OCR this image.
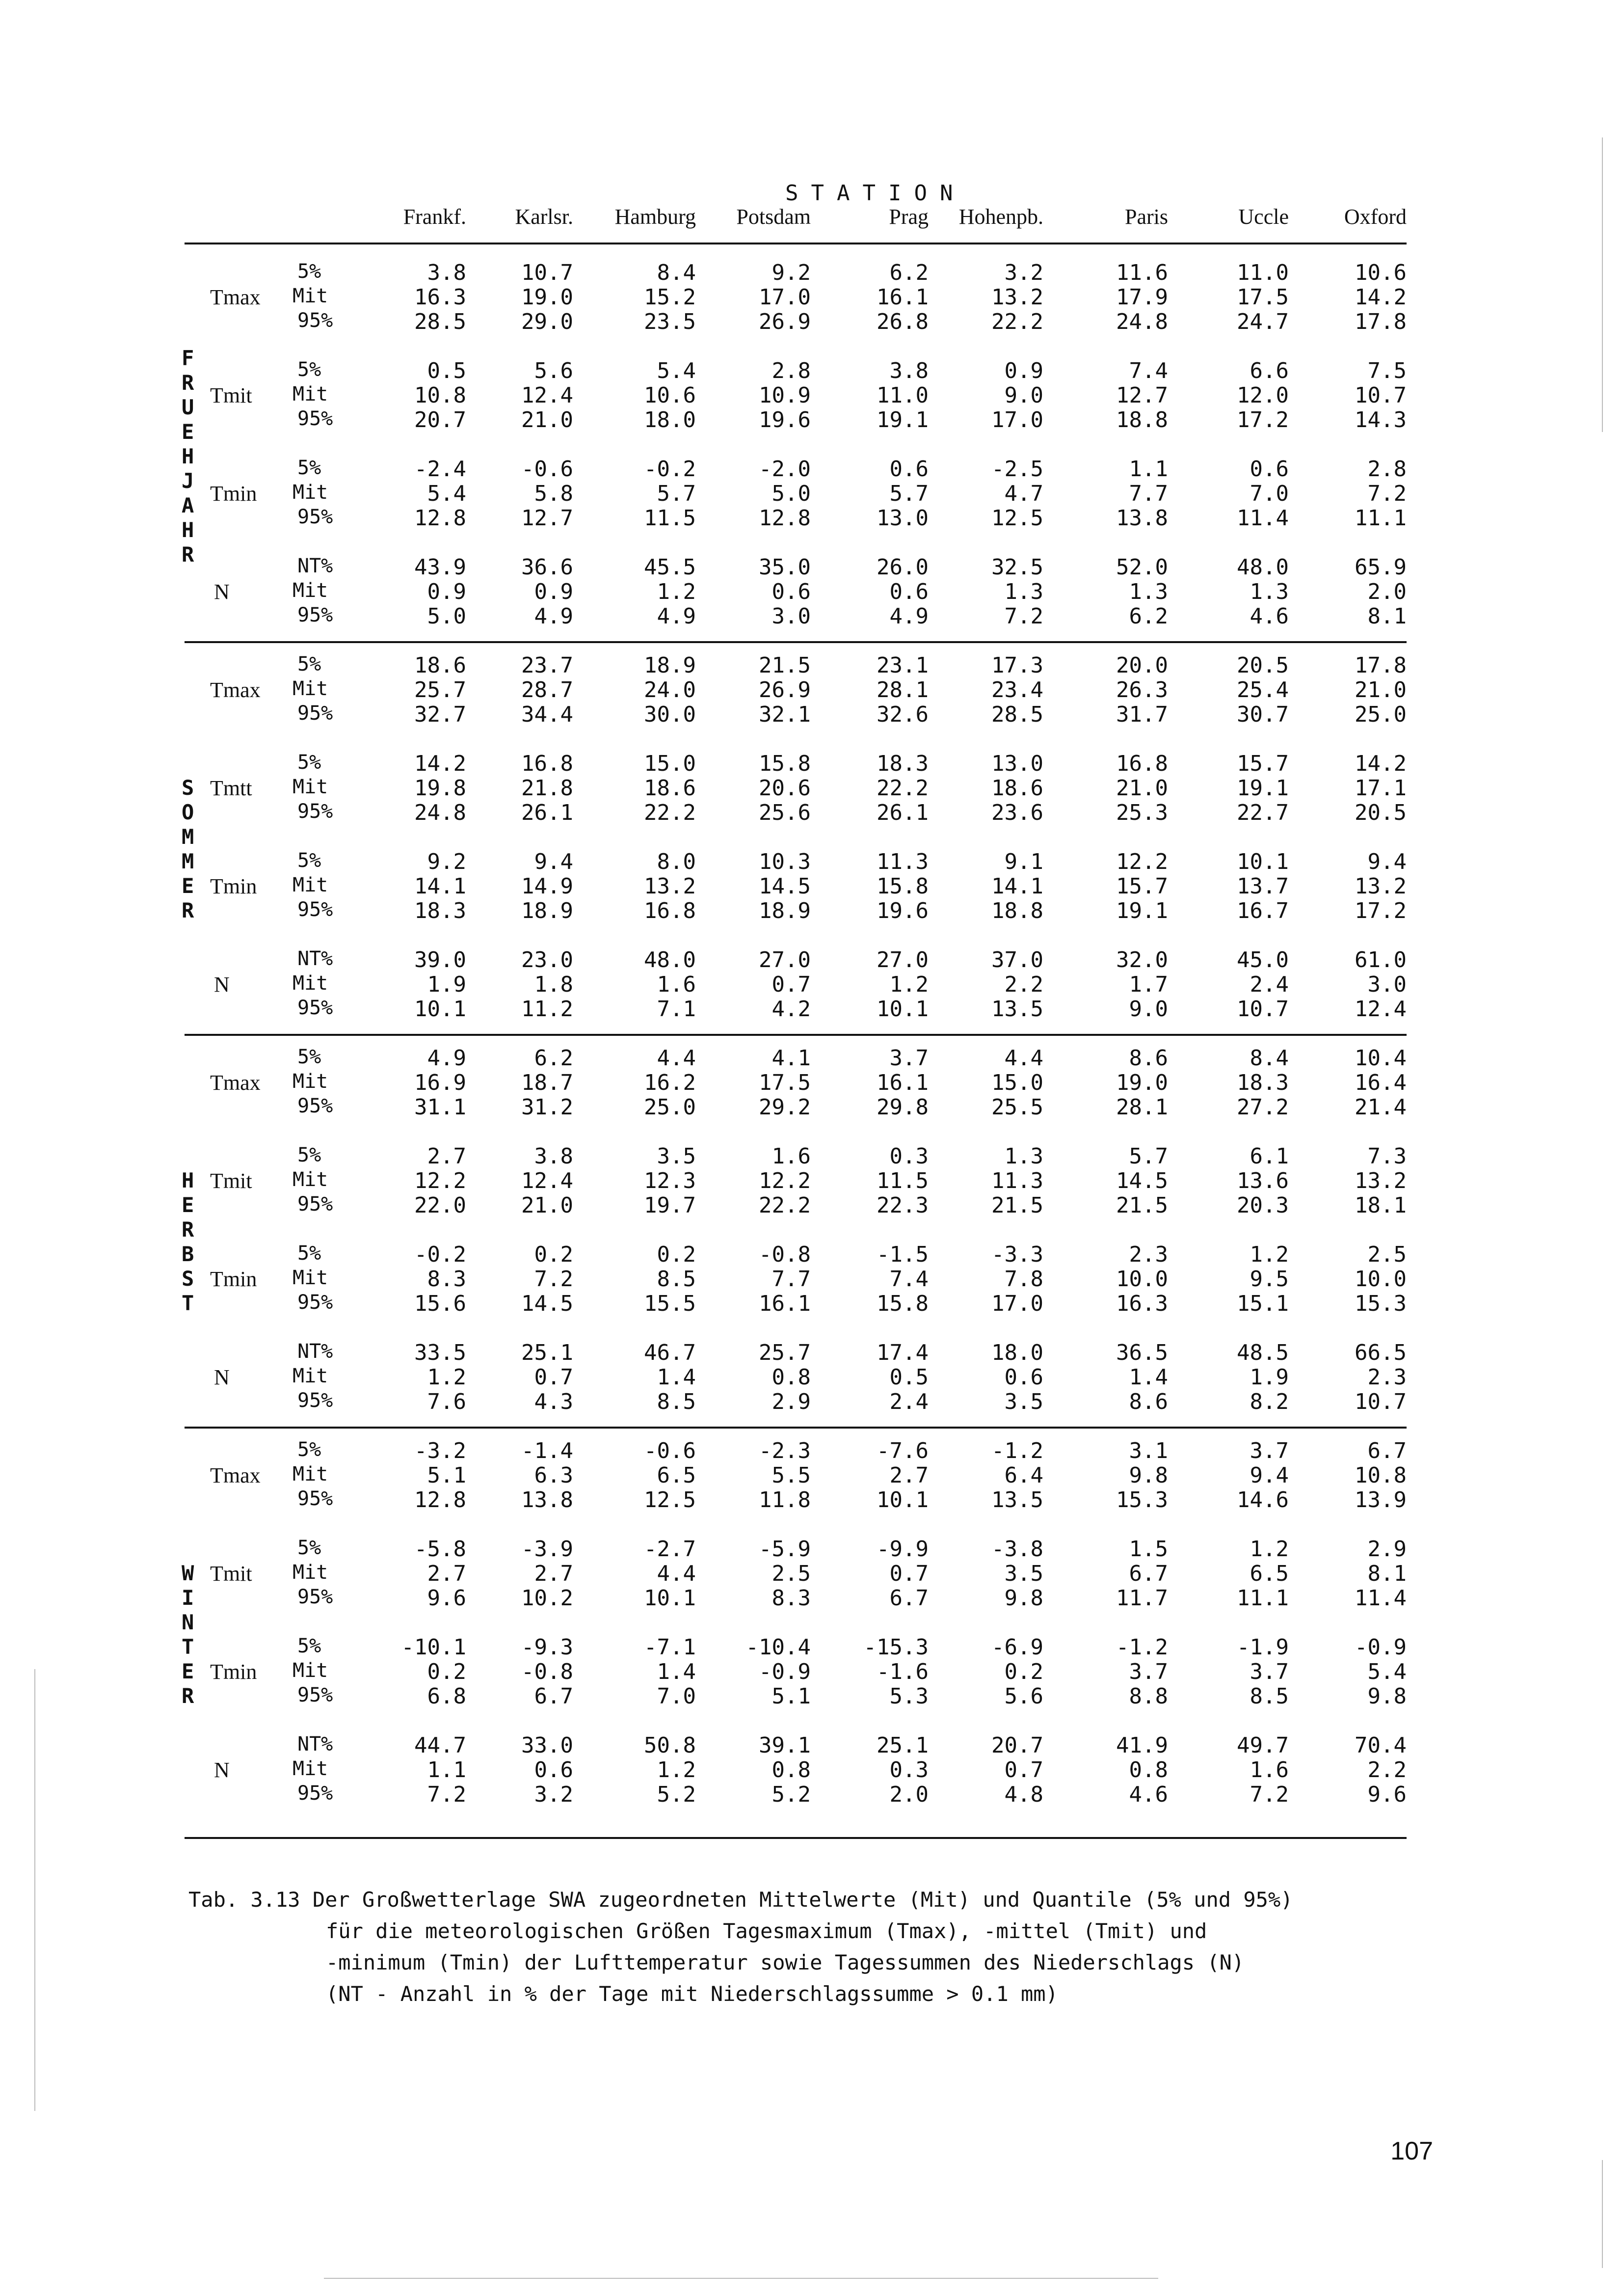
STATION
Frankf.	Karlsr.	Hamburg	Potsdam	Prag	Hohenpb.	Paris	Uccle	Oxford
F
R
U
E
H
J
A
H
R
Tmax
5%	3.8	10.7	8.4	9.2	6.2	3.2	11.6	11.0	10.6
Mit	16.3	19.0	15.2	17.0	16.1	13.2	17.9	17.5	14.2
95%	28.5	29.0	23.5	26.9	26.8	22.2	24.8	24.7	17.8
Tmit
5%	0.5	5.6	5.4	2.8	3.8	0.9	7.4	6.6	7.5
Mit	10.8	12.4	10.6	10.9	11.0	9.0	12.7	12.0	10.7
95%	20.7	21.0	18.0	19.6	19.1	17.0	18.8	17.2	14.3
Tmin
5%	-2.4	-0.6	-0.2	-2.0	0.6	-2.5	1.1	0.6	2.8
Mit	5.4	5.8	5.7	5.0	5.7	4.7	7.7	7.0	7.2
95%	12.8	12.7	11.5	12.8	13.0	12.5	13.8	11.4	11.1
N
NT%	43.9	36.6	45.5	35.0	26.0	32.5	52.0	48.0	65.9
Mit	0.9	0.9	1.2	0.6	0.6	1.3	1.3	1.3	2.0
95%	5.0	4.9	4.9	3.0	4.9	7.2	6.2	4.6	8.1
S
O
M
M
E
R
Tmax
5%	18.6	23.7	18.9	21.5	23.1	17.3	20.0	20.5	17.8
Mit	25.7	28.7	24.0	26.9	28.1	23.4	26.3	25.4	21.0
95%	32.7	34.4	30.0	32.1	32.6	28.5	31.7	30.7	25.0
Tmtt
5%	14.2	16.8	15.0	15.8	18.3	13.0	16.8	15.7	14.2
Mit	19.8	21.8	18.6	20.6	22.2	18.6	21.0	19.1	17.1
95%	24.8	26.1	22.2	25.6	26.1	23.6	25.3	22.7	20.5
Tmin
5%	9.2	9.4	8.0	10.3	11.3	9.1	12.2	10.1	9.4
Mit	14.1	14.9	13.2	14.5	15.8	14.1	15.7	13.7	13.2
95%	18.3	18.9	16.8	18.9	19.6	18.8	19.1	16.7	17.2
N
NT%	39.0	23.0	48.0	27.0	27.0	37.0	32.0	45.0	61.0
Mit	1.9	1.8	1.6	0.7	1.2	2.2	1.7	2.4	3.0
95%	10.1	11.2	7.1	4.2	10.1	13.5	9.0	10.7	12.4
H
E
R
B
S
T
Tmax
5%	4.9	6.2	4.4	4.1	3.7	4.4	8.6	8.4	10.4
Mit	16.9	18.7	16.2	17.5	16.1	15.0	19.0	18.3	16.4
95%	31.1	31.2	25.0	29.2	29.8	25.5	28.1	27.2	21.4
Tmit
5%	2.7	3.8	3.5	1.6	0.3	1.3	5.7	6.1	7.3
Mit	12.2	12.4	12.3	12.2	11.5	11.3	14.5	13.6	13.2
95%	22.0	21.0	19.7	22.2	22.3	21.5	21.5	20.3	18.1
Tmin
5%	-0.2	0.2	0.2	-0.8	-1.5	-3.3	2.3	1.2	2.5
Mit	8.3	7.2	8.5	7.7	7.4	7.8	10.0	9.5	10.0
95%	15.6	14.5	15.5	16.1	15.8	17.0	16.3	15.1	15.3
N
NT%	33.5	25.1	46.7	25.7	17.4	18.0	36.5	48.5	66.5
Mit	1.2	0.7	1.4	0.8	0.5	0.6	1.4	1.9	2.3
95%	7.6	4.3	8.5	2.9	2.4	3.5	8.6	8.2	10.7
W
I
N
T
E
R
Tmax
5%	-3.2	-1.4	-0.6	-2.3	-7.6	-1.2	3.1	3.7	6.7
Mit	5.1	6.3	6.5	5.5	2.7	6.4	9.8	9.4	10.8
95%	12.8	13.8	12.5	11.8	10.1	13.5	15.3	14.6	13.9
Tmit
5%	-5.8	-3.9	-2.7	-5.9	-9.9	-3.8	1.5	1.2	2.9
Mit	2.7	2.7	4.4	2.5	0.7	3.5	6.7	6.5	8.1
95%	9.6	10.2	10.1	8.3	6.7	9.8	11.7	11.1	11.4
Tmin
5%	-10.1	-9.3	-7.1	-10.4	-15.3	-6.9	-1.2	-1.9	-0.9
Mit	0.2	-0.8	1.4	-0.9	-1.6	0.2	3.7	3.7	5.4
95%	6.8	6.7	7.0	5.1	5.3	5.6	8.8	8.5	9.8
N
NT%	44.7	33.0	50.8	39.1	25.1	20.7	41.9	49.7	70.4
Mit	1.1	0.6	1.2	0.8	0.3	0.7	0.8	1.6	2.2
95%	7.2	3.2	5.2	5.2	2.0	4.8	4.6	7.2	9.6
Tab. 3.13 Der Großwetterlage SWA zugeordneten Mittelwerte (Mit) und Quantile (5% und 95%)
für die meteorologischen Größen Tagesmaximum (Tmax), -mittel (Tmit) und
-minimum (Tmin) der Lufttemperatur sowie Tagessummen des Niederschlags (N)
(NT - Anzahl in % der Tage mit Niederschlagssumme > 0.1 mm)
107
